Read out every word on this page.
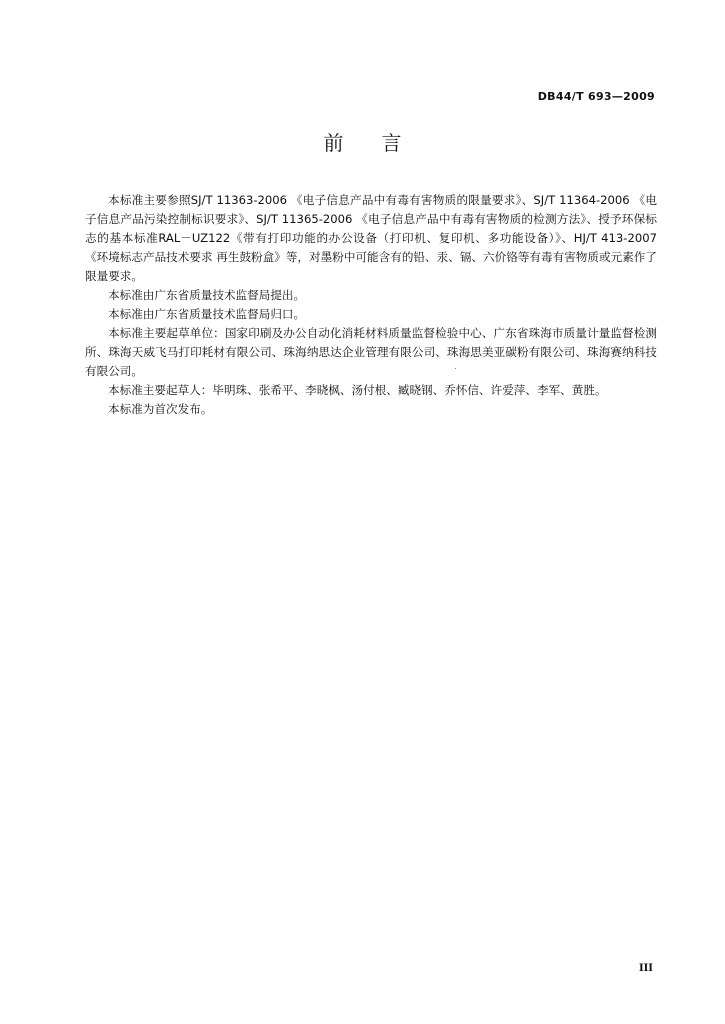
DB44/T 693—2009
前 言

本标准主要参照SJ/T 11363-2006 《电子信息产品中有毒有害物质的限量要求》、SJ/T 11364-2006 《电子信息产品污染控制标识要求》、SJ/T 11365-2006 《电子信息产品中有毒有害物质的检测方法》、授予环保标志的基本标准RAL－UZ122《带有打印功能的办公设备（打印机、复印机、多功能设备）》、HJ/T 413-2007 《环境标志产品技术要求 再生鼓粉盒》等，对墨粉中可能含有的铅、汞、镉、六价铬等有毒有害物质或元素作了限量要求。

本标准由广东省质量技术监督局提出。

本标准由广东省质量技术监督局归口。

本标准主要起草单位：国家印刷及办公自动化消耗材料质量监督检验中心、广东省珠海市质量计量监督检测所、珠海天威飞马打印耗材有限公司、珠海纳思达企业管理有限公司、珠海思美亚碳粉有限公司、珠海赛纳科技有限公司。

本标准主要起草人：毕明珠、张希平、李晓枫、汤付根、臧晓钢、乔怀信、许爱萍、李军、黄胜。

本标准为首次发布。

III
